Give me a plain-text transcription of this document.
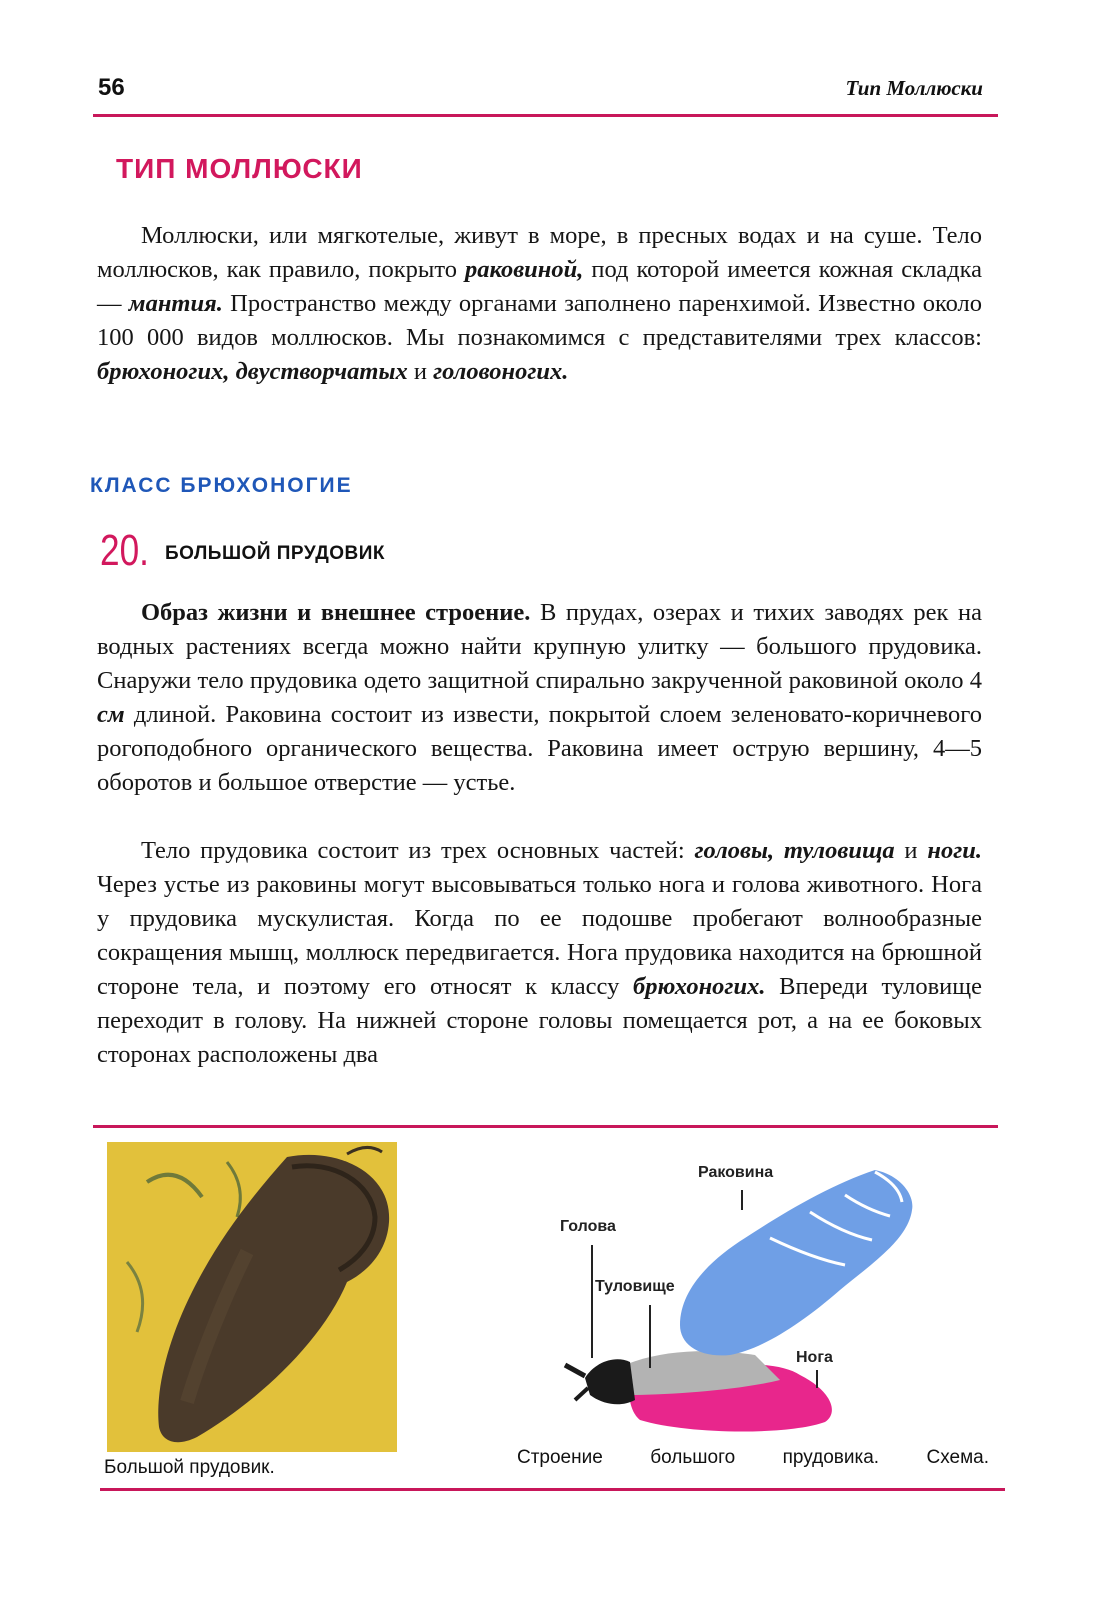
56	Тип Моллюски
ТИП МОЛЛЮСКИ

Моллюски, или мягкотелые, живут в море, в пресных водах и на суше. Тело моллюсков, как правило, покрыто раковиной, под которой имеется кожная складка — мантия. Пространство между органами заполнено паренхимой. Известно около 100 000 видов моллюсков. Мы познакомимся с представителями трех классов: брюхоногих, двустворчатых и головоногих.

КЛАСС БРЮХОНОГИЕ
20. БОЛЬШОЙ ПРУДОВИК

Образ жизни и внешнее строение. В прудах, озерах и тихих заводях рек на водных растениях всегда можно найти крупную улитку — большого прудовика. Снаружи тело прудовика одето защитной спирально закрученной раковиной около 4 см длиной. Раковина состоит из извести, покрытой слоем зеленовато-коричневого рогоподобного органического вещества. Раковина имеет острую вершину, 4—5 оборотов и большое отверстие — устье.

Тело прудовика состоит из трех основных частей: головы, туловища и ноги. Через устье из раковины могут высовываться только нога и голова животного. Нога у прудовика мускулистая. Когда по ее подошве пробегают волнообразные сокращения мышц, моллюск передвигается. Нога прудовика находится на брюшной стороне тела, и поэтому его относят к классу брюхоногих. Впереди туловище переходит в голову. На нижней стороне головы помещается рот, а на ее боковых сторонах расположены два

Большой прудовик.
Раковина
Голова
Туловище
Нога
Строение большого прудовика. Схема.
